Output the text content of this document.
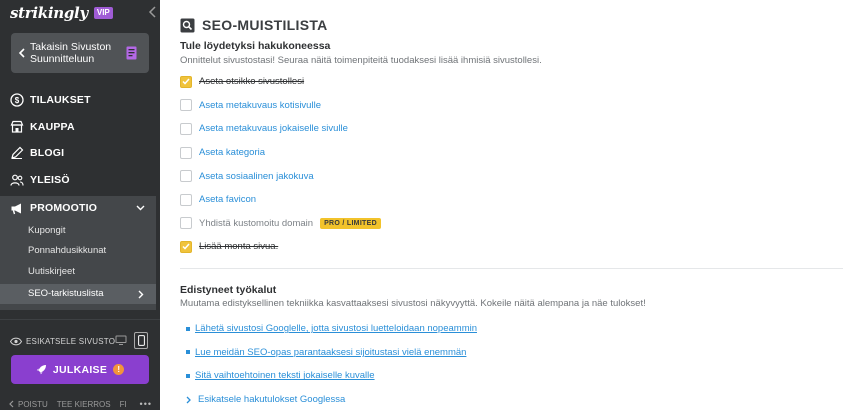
strikingly	VIP
Takaisin Sivuston
Suunnitteluun
$ TILAUKSET
KAUPPA
BLOGI
YLEISÖ
PROMOOTIO
Kupongit
Ponnahdusikkunat
Uutiskirjeet
SEO-tarkistuslista
ESIKATSELE SIVUSTO
JULKAISE	!
POISTU TEE KIERROS FI •••
SEO-MUISTILISTA
Tule löydetyksi hakukoneessa
Onnittelut sivustostasi! Seuraa näitä toimenpiteitä tuodaksesi lisää ihmisiä sivustollesi.
Aseta otsikko sivustollesi
Aseta metakuvaus kotisivulle
Aseta metakuvaus jokaiselle sivulle
Aseta kategoria
Aseta sosiaalinen jakokuva
Aseta favicon
Yhdistä kustomoitu domain	PRO / LIMITED
Lisää monta sivua.
Edistyneet työkalut
Muutama edistyksellinen tekniikka kasvattaaksesi sivustosi näkyvyyttä. Kokeile näitä alempana ja näe tulokset!
Lähetä sivustosi Googlelle, jotta sivustosi luetteloidaan nopeammin
Lue meidän SEO-opas parantaaksesi sijoitustasi vielä enemmän
Sitä vaihtoehtoinen teksti jokaiselle kuvalle
Esikatsele hakutulokset Googlessa
